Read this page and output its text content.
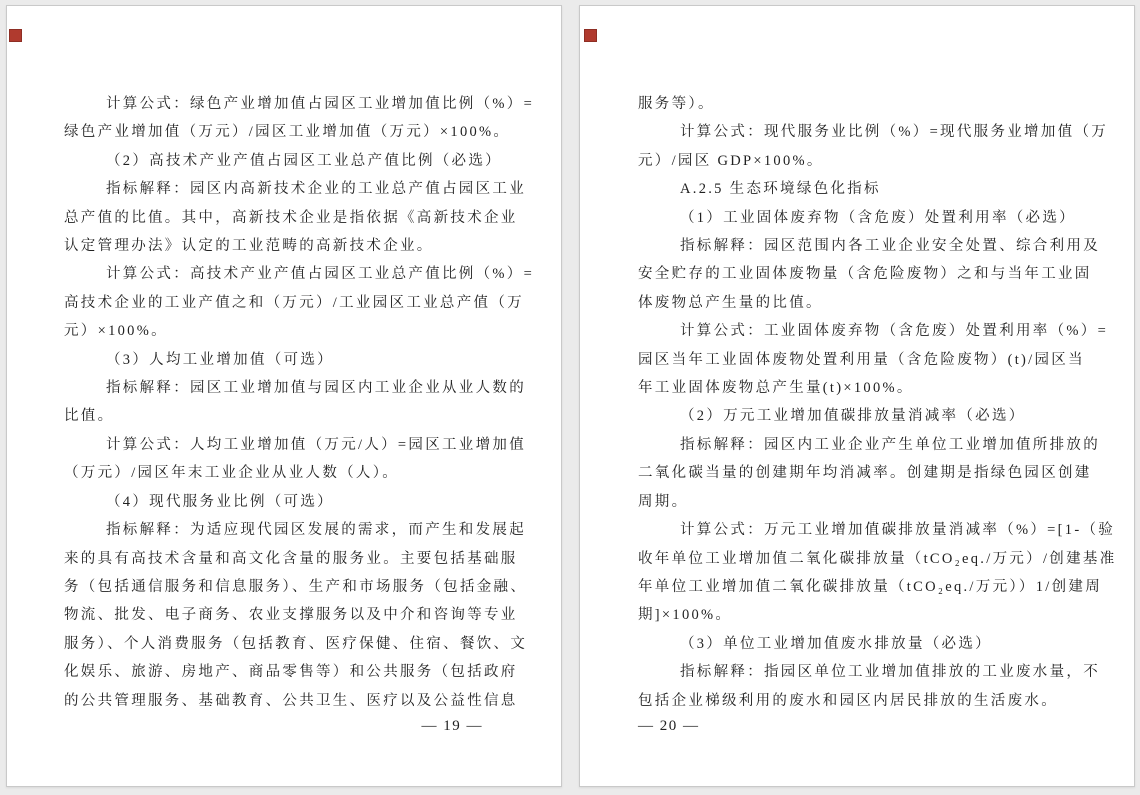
计算公式：绿色产业增加值占园区工业增加值比例（%）=
绿色产业增加值（万元）/园区工业增加值（万元）×100%。
（2）高技术产业产值占园区工业总产值比例（必选）
指标解释：园区内高新技术企业的工业总产值占园区工业
总产值的比值。其中，高新技术企业是指依据《高新技术企业
认定管理办法》认定的工业范畴的高新技术企业。
计算公式：高技术产业产值占园区工业总产值比例（%）=
高技术企业的工业产值之和（万元）/工业园区工业总产值（万
元）×100%。
（3）人均工业增加值（可选）
指标解释：园区工业增加值与园区内工业企业从业人数的
比值。
计算公式：人均工业增加值（万元/人）=园区工业增加值
（万元）/园区年末工业企业从业人数（人）。
（4）现代服务业比例（可选）
指标解释：为适应现代园区发展的需求，而产生和发展起
来的具有高技术含量和高文化含量的服务业。主要包括基础服
务（包括通信服务和信息服务）、生产和市场服务（包括金融、
物流、批发、电子商务、农业支撑服务以及中介和咨询等专业
服务）、个人消费服务（包括教育、医疗保健、住宿、餐饮、文
化娱乐、旅游、房地产、商品零售等）和公共服务（包括政府
的公共管理服务、基础教育、公共卫生、医疗以及公益性信息
— 19 —
服务等）。
计算公式：现代服务业比例（%）=现代服务业增加值（万
元）/园区 GDP×100%。
A.2.5 生态环境绿色化指标
（1）工业固体废弃物（含危废）处置利用率（必选）
指标解释：园区范围内各工业企业安全处置、综合利用及
安全贮存的工业固体废物量（含危险废物）之和与当年工业固
体废物总产生量的比值。
计算公式：工业固体废弃物（含危废）处置利用率（%）=
园区当年工业固体废物处置利用量（含危险废物）(t)/园区当
年工业固体废物总产生量(t)×100%。
（2）万元工业增加值碳排放量消减率（必选）
指标解释：园区内工业企业产生单位工业增加值所排放的
二氧化碳当量的创建期年均消减率。创建期是指绿色园区创建
周期。
计算公式：万元工业增加值碳排放量消减率（%）=[1-（验
收年单位工业增加值二氧化碳排放量（tCO₂eq./万元）/创建基准
年单位工业增加值二氧化碳排放量（tCO₂eq./万元））1/创建周
期]×100%。
（3）单位工业增加值废水排放量（必选）
指标解释：指园区单位工业增加值排放的工业废水量，不
包括企业梯级利用的废水和园区内居民排放的生活废水。
— 20 —
